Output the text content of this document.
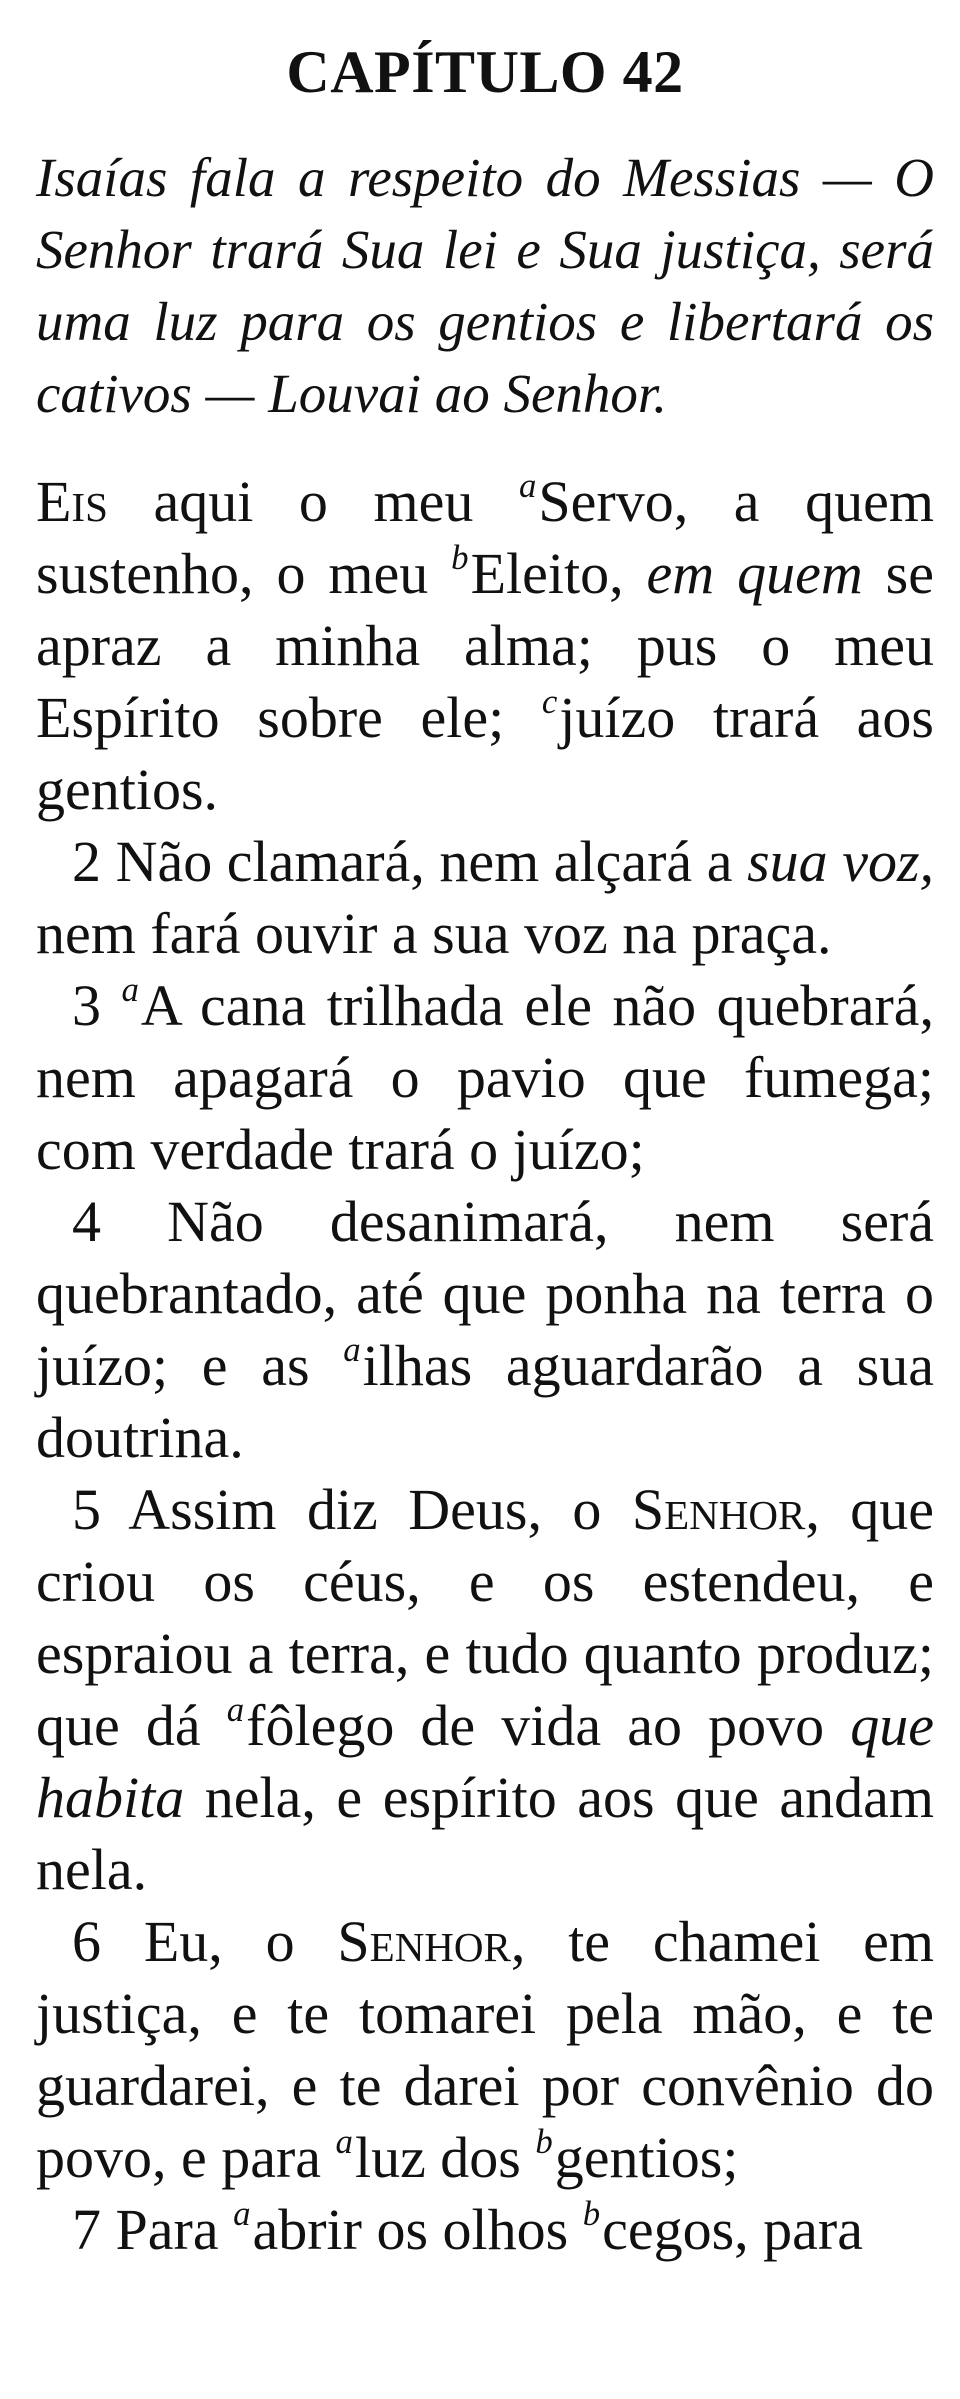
CAPÍTULO 42

Isaías fala a respeito do Messias — O Senhor trará Sua lei e Sua justiça, será uma luz para os gentios e libertará os cativos — Louvai ao Senhor.

Eis aqui o meu $^a$Servo, a quem sustenho, o meu $^b$Eleito, em quem se apraz a minha alma; pus o meu Espírito sobre ele; $^c$juízo trará aos gentios.

2 Não clamará, nem alçará a sua voz, nem fará ouvir a sua voz na praça.

3 $^a$A cana trilhada ele não quebrará, nem apagará o pavio que fumega; com verdade trará o juízo;

4 Não desanimará, nem será quebrantado, até que ponha na terra o juízo; e as $^a$ilhas aguardarão a sua doutrina.

5 Assim diz Deus, o Senhor, que criou os céus, e os estendeu, e espraiou a terra, e tudo quanto produz; que dá $^a$fôlego de vida ao povo que habita nela, e espírito aos que andam nela.

6 Eu, o Senhor, te chamei em justiça, e te tomarei pela mão, e te guardarei, e te darei por convênio do povo, e para $^a$luz dos $^b$gentios;

7 Para $^a$abrir os olhos $^b$cegos, para
